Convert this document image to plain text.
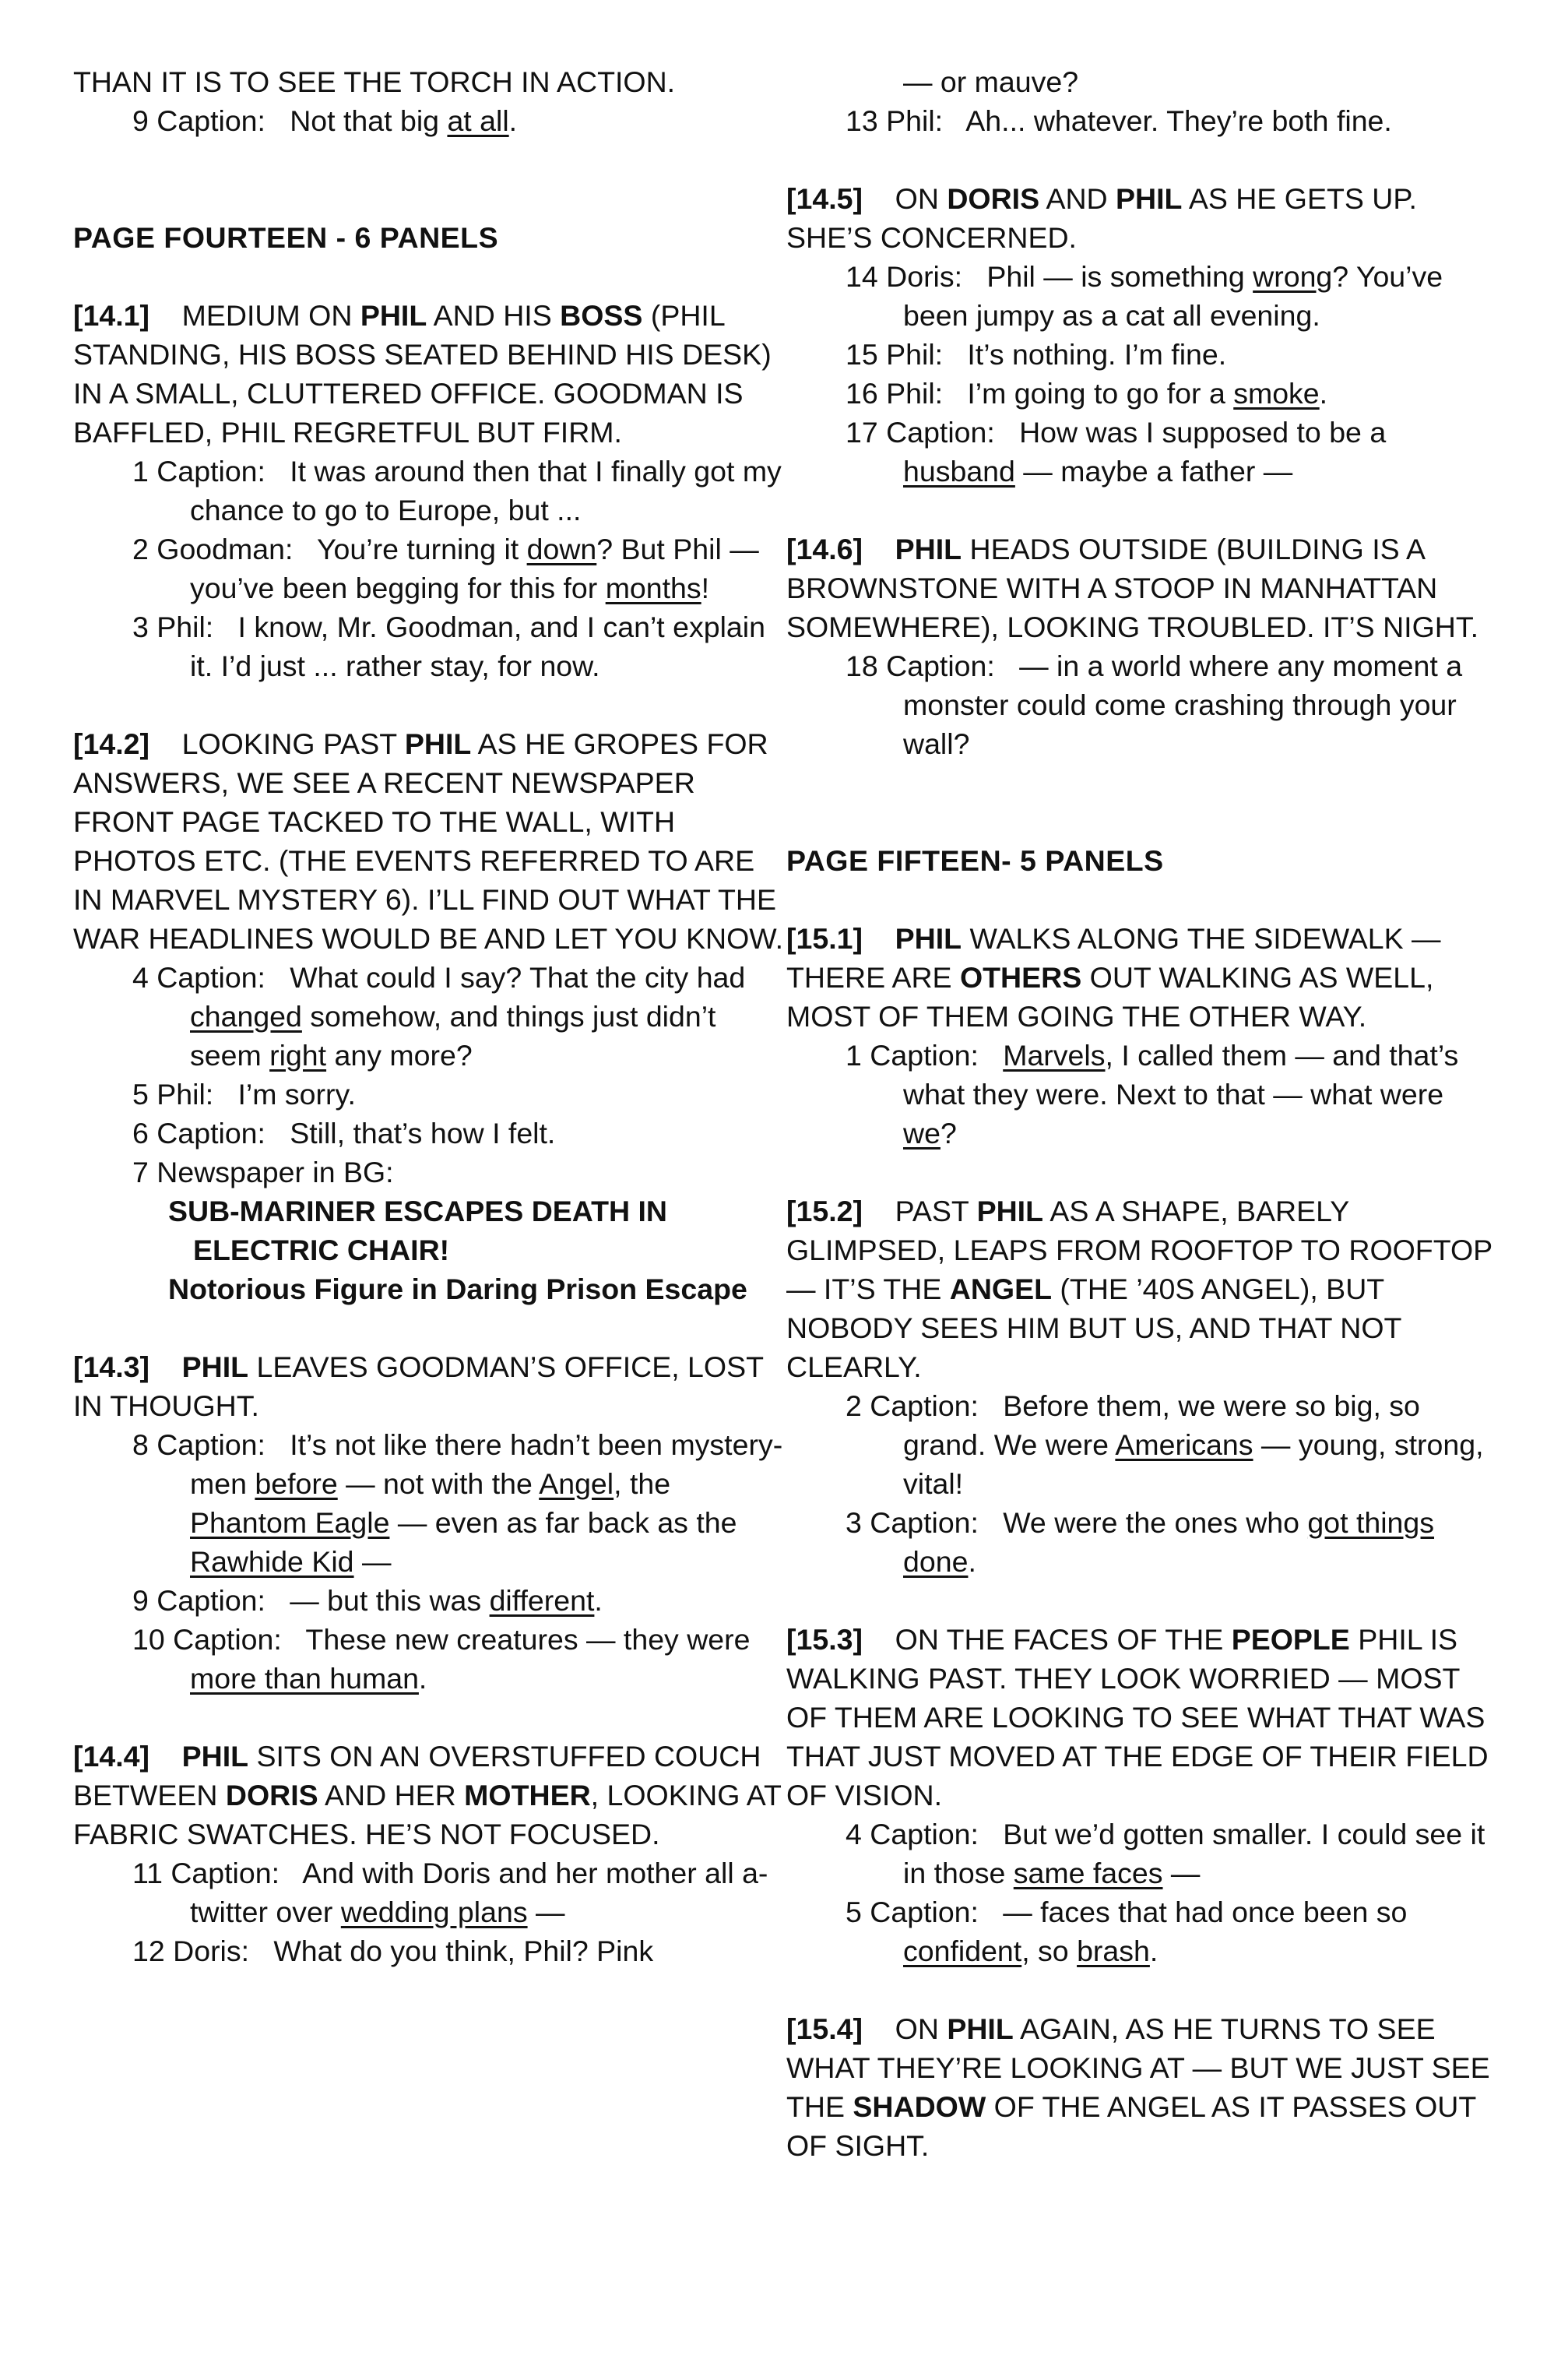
THAN IT IS TO SEE THE TORCH IN ACTION.

9 Caption: Not that big at all.

PAGE FOURTEEN - 6 PANELS

[14.1] MEDIUM ON PHIL AND HIS BOSS (PHIL STANDING, HIS BOSS SEATED BEHIND HIS DESK) IN A SMALL, CLUTTERED OFFICE. GOODMAN IS BAFFLED, PHIL REGRETFUL BUT FIRM.

1 Caption: It was around then that I finally got my chance to go to Europe, but ...

2 Goodman: You’re turning it down? But Phil — you’ve been begging for this for months!

3 Phil: I know, Mr. Goodman, and I can’t explain it. I’d just ... rather stay, for now.

[14.2] LOOKING PAST PHIL AS HE GROPES FOR ANSWERS, WE SEE A RECENT NEWSPAPER FRONT PAGE TACKED TO THE WALL, WITH PHOTOS ETC. (THE EVENTS REFERRED TO ARE IN MARVEL MYSTERY 6). I’LL FIND OUT WHAT THE WAR HEADLINES WOULD BE AND LET YOU KNOW.

4 Caption: What could I say? That the city had changed somehow, and things just didn’t seem right any more?

5 Phil: I’m sorry.

6 Caption: Still, that’s how I felt.

7 Newspaper in BG:

SUB-MARINER ESCAPES DEATH IN ELECTRIC CHAIR!

Notorious Figure in Daring Prison Escape

[14.3] PHIL LEAVES GOODMAN’S OFFICE, LOST IN THOUGHT.

8 Caption: It’s not like there hadn’t been mystery-men before — not with the Angel, the Phantom Eagle — even as far back as the Rawhide Kid —

9 Caption: — but this was different.

10 Caption: These new creatures — they were more than human.

[14.4] PHIL SITS ON AN OVERSTUFFED COUCH BETWEEN DORIS AND HER MOTHER, LOOKING AT FABRIC SWATCHES. HE’S NOT FOCUSED.

11 Caption: And with Doris and her mother all a-twitter over wedding plans —

12 Doris: What do you think, Phil? Pink

— or mauve?

13 Phil: Ah... whatever. They’re both fine.

[14.5] ON DORIS AND PHIL AS HE GETS UP. SHE’S CONCERNED.

14 Doris: Phil — is something wrong? You’ve been jumpy as a cat all evening.

15 Phil: It’s nothing. I’m fine.

16 Phil: I’m going to go for a smoke.

17 Caption: How was I supposed to be a husband — maybe a father —

[14.6] PHIL HEADS OUTSIDE (BUILDING IS A BROWNSTONE WITH A STOOP IN MANHATTAN SOMEWHERE), LOOKING TROUBLED. IT’S NIGHT.

18 Caption: — in a world where any moment a monster could come crashing through your wall?

PAGE FIFTEEN- 5 PANELS

[15.1] PHIL WALKS ALONG THE SIDEWALK — THERE ARE OTHERS OUT WALKING AS WELL, MOST OF THEM GOING THE OTHER WAY.

1 Caption: Marvels, I called them — and that’s what they were. Next to that — what were we?

[15.2] PAST PHIL AS A SHAPE, BARELY GLIMPSED, LEAPS FROM ROOFTOP TO ROOFTOP — IT’S THE ANGEL (THE ’40S ANGEL), BUT NOBODY SEES HIM BUT US, AND THAT NOT CLEARLY.

2 Caption: Before them, we were so big, so grand. We were Americans — young, strong, vital!

3 Caption: We were the ones who got things done.

[15.3] ON THE FACES OF THE PEOPLE PHIL IS WALKING PAST. THEY LOOK WORRIED — MOST OF THEM ARE LOOKING TO SEE WHAT THAT WAS THAT JUST MOVED AT THE EDGE OF THEIR FIELD OF VISION.

4 Caption: But we’d gotten smaller. I could see it in those same faces —

5 Caption: — faces that had once been so confident, so brash.

[15.4] ON PHIL AGAIN, AS HE TURNS TO SEE WHAT THEY’RE LOOKING AT — BUT WE JUST SEE THE SHADOW OF THE ANGEL AS IT PASSES OUT OF SIGHT.
